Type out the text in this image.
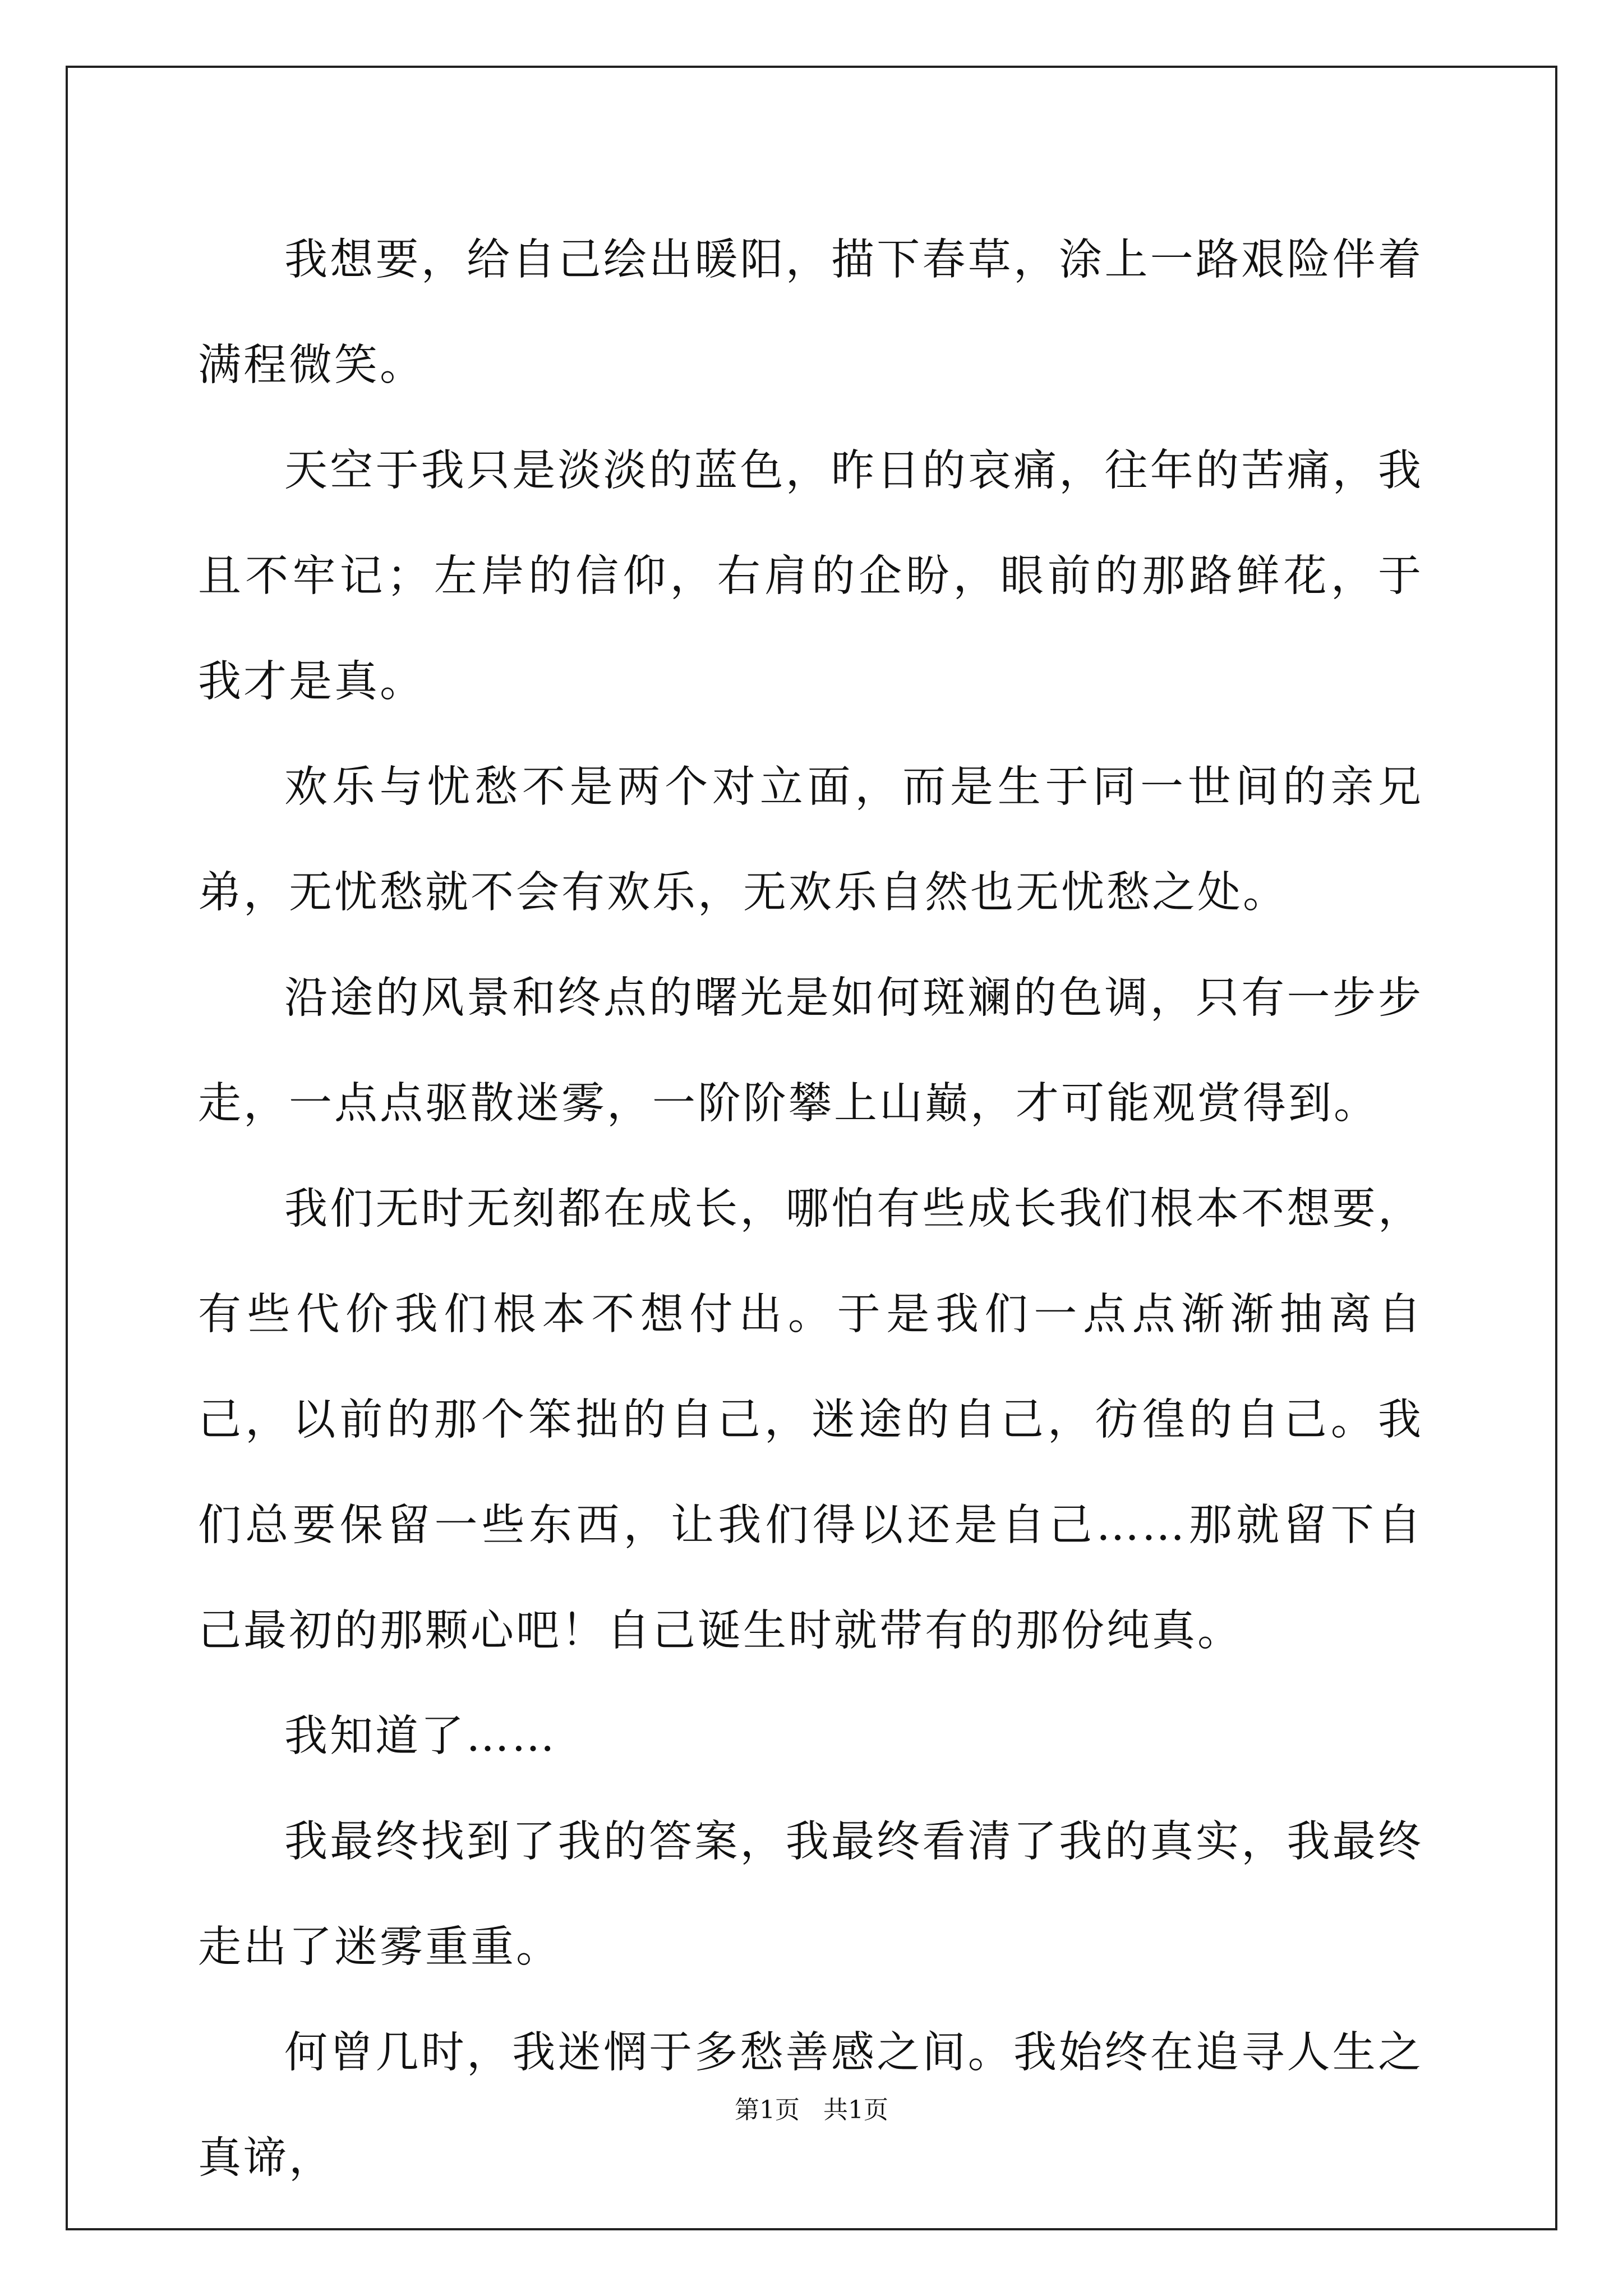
我想要，给自己绘出暖阳，描下春草，涂上一路艰险伴着满程微笑。

天空于我只是淡淡的蓝色，昨日的哀痛，往年的苦痛，我且不牢记；左岸的信仰，右肩的企盼，眼前的那路鲜花，于我才是真。

欢乐与忧愁不是两个对立面，而是生于同一世间的亲兄弟，无忧愁就不会有欢乐，无欢乐自然也无忧愁之处。

沿途的风景和终点的曙光是如何斑斓的色调，只有一步步走，一点点驱散迷雾，一阶阶攀上山巅，才可能观赏得到。

我们无时无刻都在成长，哪怕有些成长我们根本不想要，有些代价我们根本不想付出。于是我们一点点渐渐抽离自己，以前的那个笨拙的自己，迷途的自己，彷徨的自己。我们总要保留一些东西，让我们得以还是自己……那就留下自己最初的那颗心吧！自己诞生时就带有的那份纯真。

我知道了……

我最终找到了我的答案，我最终看清了我的真实，我最终走出了迷雾重重。

何曾几时，我迷惘于多愁善感之间。我始终在追寻人生之真谛，

第1页 共1页
